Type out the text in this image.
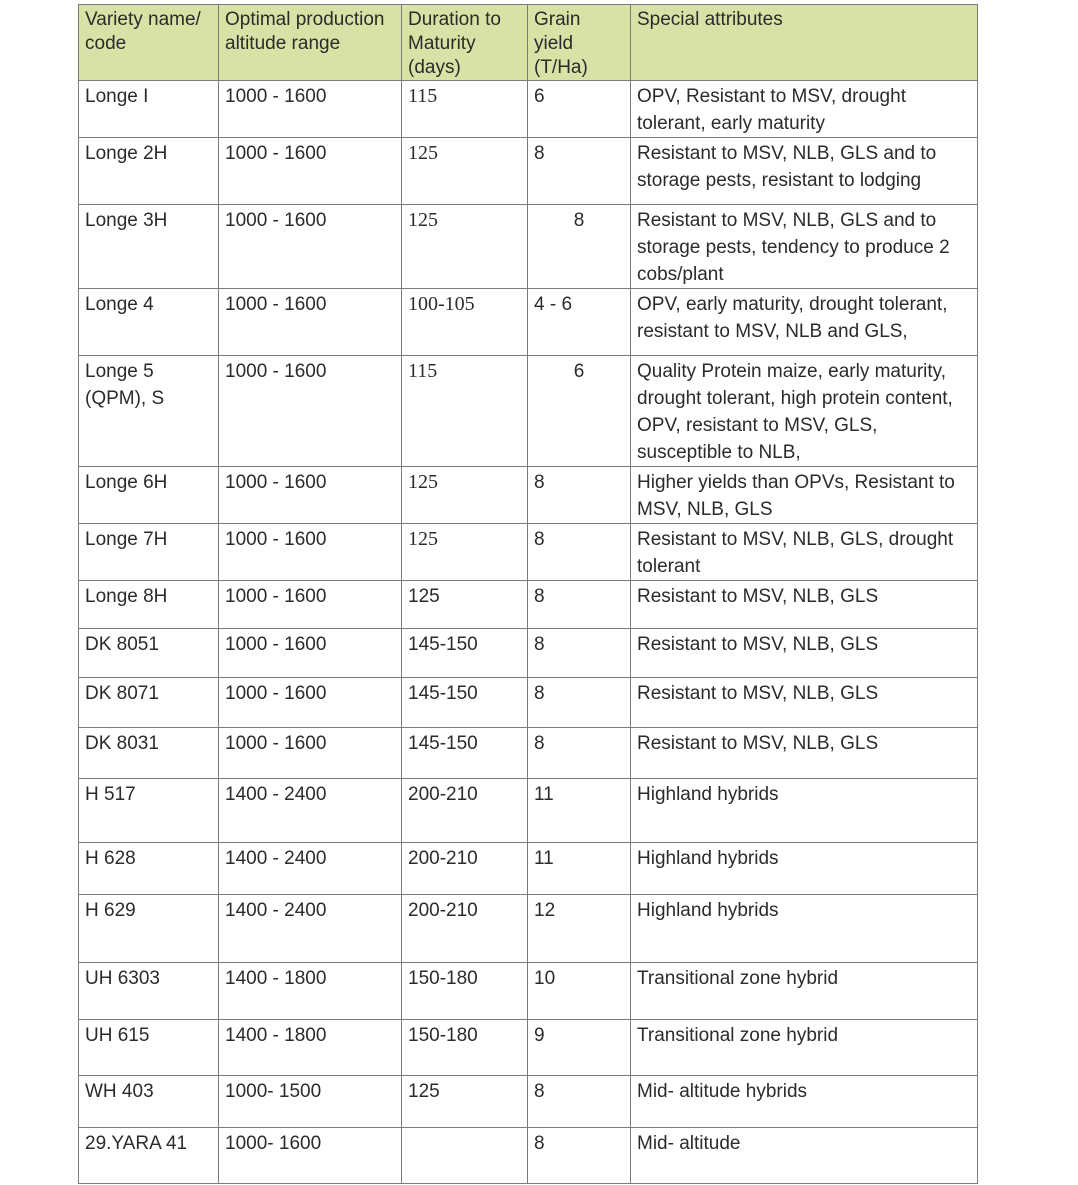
Variety name/ code	Optimal production altitude range	Duration to Maturity (days)	Grain yield (T/Ha)	Special attributes
Longe I	1000 - 1600	115	6	OPV, Resistant to MSV, drought tolerant, early maturity
Longe 2H	1000 - 1600	125	8	Resistant to MSV, NLB, GLS and to storage pests, resistant to lodging
Longe 3H	1000 - 1600	125	8	Resistant to MSV, NLB, GLS and to storage pests, tendency to produce 2 cobs/plant
Longe 4	1000 - 1600	100-105	4 - 6	OPV, early maturity, drought tolerant, resistant to MSV, NLB and GLS,
Longe 5 (QPM), S	1000 - 1600	115	6	Quality Protein maize, early maturity, drought tolerant, high protein content, OPV, resistant to MSV, GLS, susceptible to NLB,
Longe 6H	1000 - 1600	125	8	Higher yields than OPVs, Resistant to MSV, NLB, GLS
Longe 7H	1000 - 1600	125	8	Resistant to MSV, NLB, GLS, drought tolerant
Longe 8H	1000 - 1600	125	8	Resistant to MSV, NLB, GLS
DK 8051	1000 - 1600	145-150	8	Resistant to MSV, NLB, GLS
DK 8071	1000 - 1600	145-150	8	Resistant to MSV, NLB, GLS
DK 8031	1000 - 1600	145-150	8	Resistant to MSV, NLB, GLS
H 517	1400 - 2400	200-210	11	Highland hybrids
H 628	1400 - 2400	200-210	11	Highland hybrids
H 629	1400 - 2400	200-210	12	Highland hybrids
UH 6303	1400 - 1800	150-180	10	Transitional zone hybrid
UH 615	1400 - 1800	150-180	9	Transitional zone hybrid
WH 403	1000- 1500	125	8	Mid- altitude hybrids
29.YARA 41	1000- 1600		8	Mid- altitude
